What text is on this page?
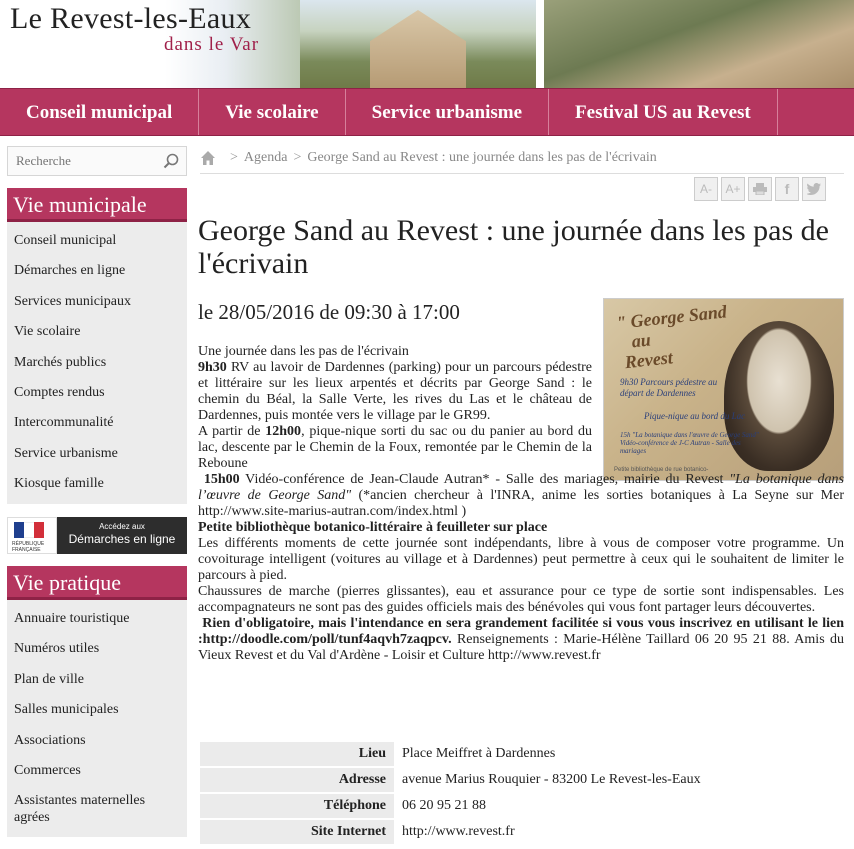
Le Revest-les-Eaux
dans le Var
Conseil municipal	Vie scolaire	Service urbanisme	Festival US au Revest
Recherche
Vie municipale
Conseil municipal
Démarches en ligne
Services municipaux
Vie scolaire
Marchés publics
Comptes rendus
Intercommunalité
Service urbanisme
Kiosque famille
RÉPUBLIQUE FRANÇAISE
Accédez aux
Démarches en ligne
Vie pratique
Annuaire touristique
Numéros utiles
Plan de ville
Salles municipales
Associations
Commerces
Assistantes maternelles agrées
> Agenda > George Sand au Revest : une journée dans les pas de l'écrivain
A-	A+	f
George Sand au Revest : une journée dans les pas de l'écrivain
le 28/05/2016 de 09:30 à 17:00	" George Sand
au
Revest
9h30 Parcours pédestre au départ de Dardennes
Pique-nique au bord du Lac
15h "La botanique dans l'œuvre de George Sand" Vidéo-conférence de J-C Autran - Salle des mariages
Petite bibliothèque de rue botanico-

Une journée dans les pas de l'écrivain

9h30 RV au lavoir de Dardennes (parking) pour un parcours pédestre et littéraire sur les lieux arpentés et décrits par George Sand : le chemin du Béal, la Salle Verte, les rives du Las et le château de Dardennes, puis montée vers le village par le GR99.

A partir de 12h00, pique-nique sorti du sac ou du panier au bord du lac, descente par le Chemin de la Foux, remontée par le Chemin de la Reboune

15h00 Vidéo-conférence de Jean-Claude Autran* - Salle des mariages, mairie du Revest "La botanique dans l’œuvre de George Sand" (*ancien chercheur à l'INRA, anime les sorties botaniques à La Seyne sur Mer http://www.site-marius-autran.com/index.html )

Petite bibliothèque botanico-littéraire à feuilleter sur place

Les différents moments de cette journée sont indépendants, libre à vous de composer votre programme. Un covoiturage intelligent (voitures au village et à Dardennes) peut permettre à ceux qui le souhaitent de limiter le parcours à pied.

Chaussures de marche (pierres glissantes), eau et assurance pour ce type de sortie sont indispensables. Les accompagnateurs ne sont pas des guides officiels mais des bénévoles qui vous font partager leurs découvertes.

Rien d'obligatoire, mais l'intendance en sera grandement facilitée si vous vous inscrivez en utilisant le lien :http://doodle.com/poll/tunf4aqvh7zaqpcv. Renseignements : Marie-Hélène Taillard 06 20 95 21 88. Amis du Vieux Revest et du Val d'Ardène - Loisir et Culture http://www.revest.fr

Lieu	Place Meiffret à Dardennes
Adresse	avenue Marius Rouquier - 83200 Le Revest-les-Eaux
Téléphone	06 20 95 21 88
Site Internet	http://www.revest.fr
